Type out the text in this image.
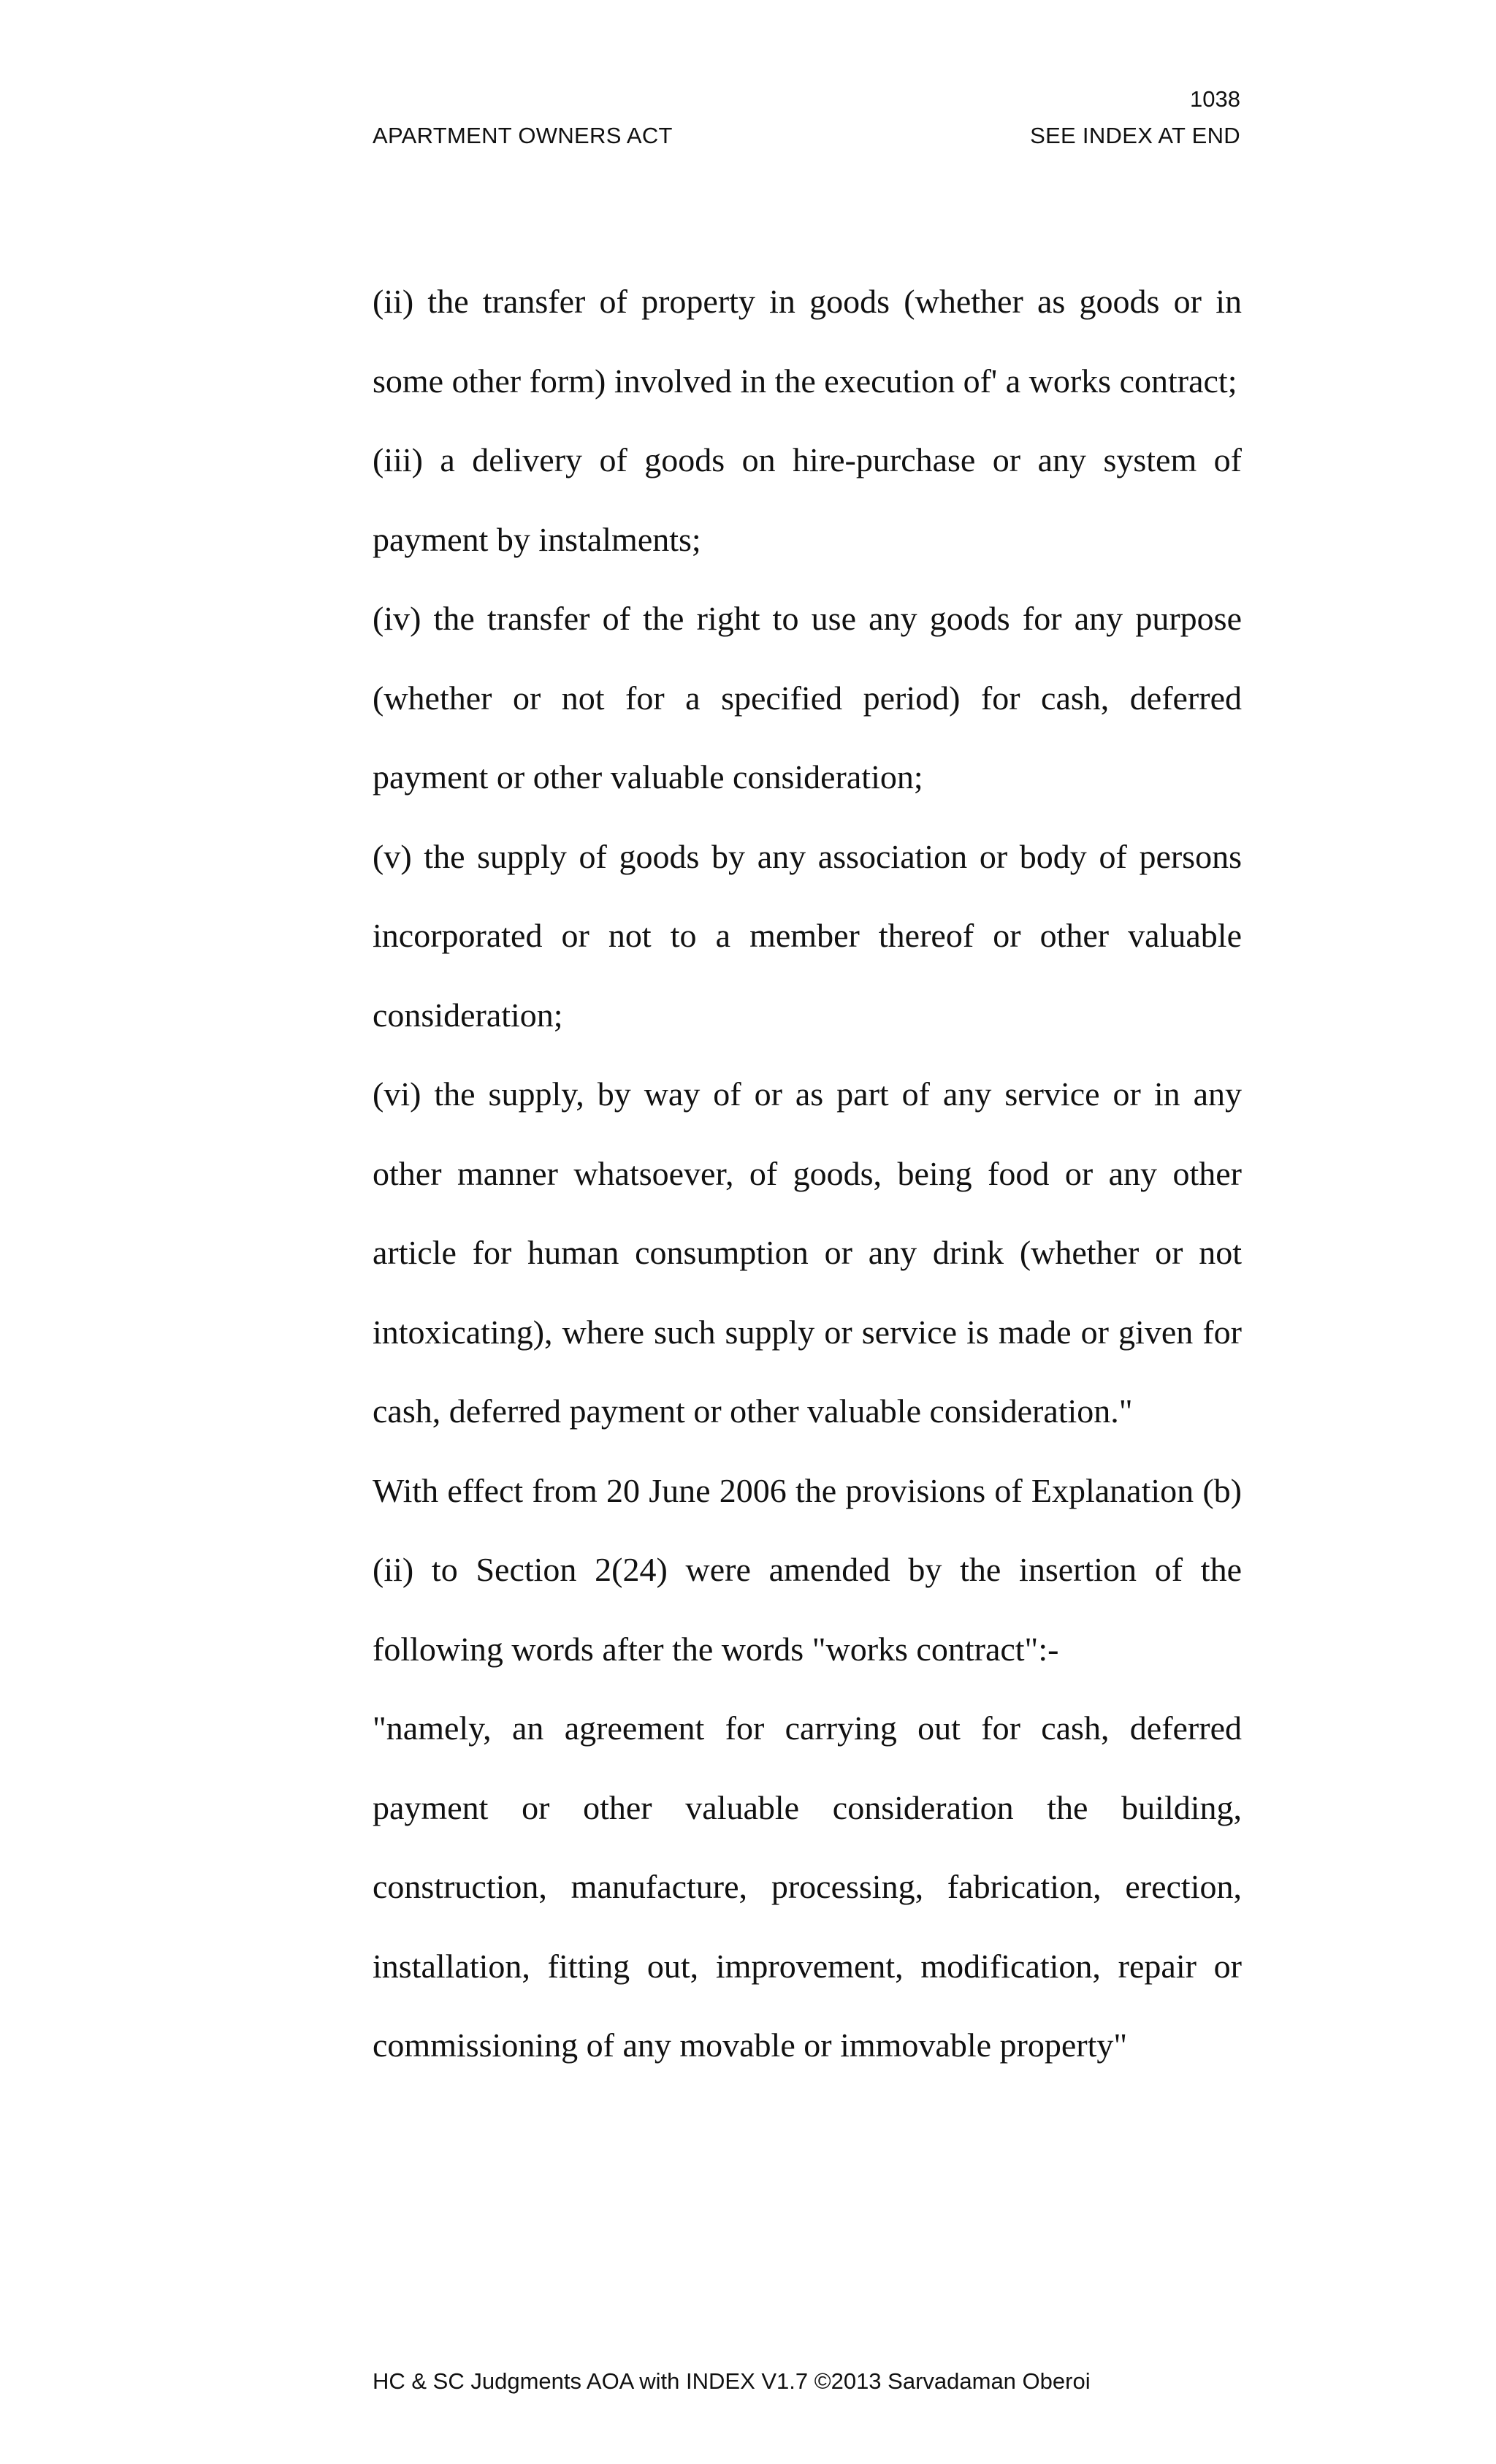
1038
APARTMENT OWNERS ACT	SEE INDEX AT END

(ii) the transfer of property in goods (whether as goods or in some other form) involved in the execution of' a works contract;

(iii) a delivery of goods on hire-purchase or any system of payment by instalments;

(iv) the transfer of the right to use any goods for any purpose (whether or not for a specified period) for cash, deferred payment or other valuable consideration;

(v) the supply of goods by any association or body of persons incorporated or not to a member thereof or other valuable consideration;

(vi) the supply, by way of or as part of any service or in any other manner whatsoever, of goods, being food or any other article for human consumption or any drink (whether or not intoxicating), where such supply or service is made or given for cash, deferred payment or other valuable consideration."

With effect from 20 June 2006 the provisions of Explanation (b)(ii) to Section 2(24) were amended by the insertion of the following words after the words "works contract":-

"namely, an agreement for carrying out for cash, deferred payment or other valuable consideration the building, construction, manufacture, processing, fabrication, erection, installation, fitting out, improvement, modification, repair or commissioning of any movable or immovable property"

HC & SC Judgments AOA with INDEX V1.7 ©2013 Sarvadaman Oberoi
